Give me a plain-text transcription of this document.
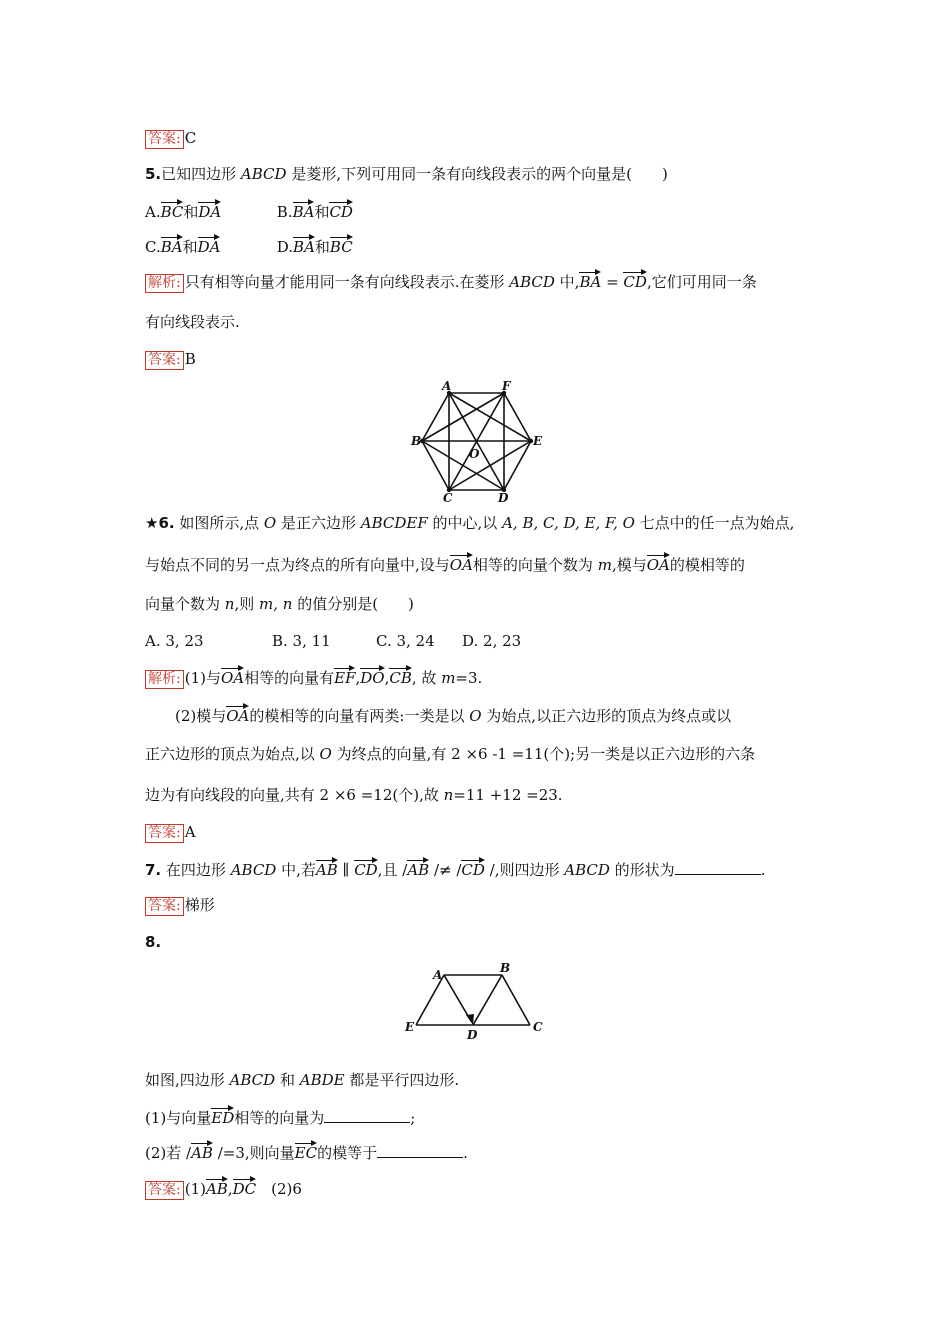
答案: C
5.已知四边形 ABCD 是菱形,下列可用同一条有向线段表示的两个向量是(　　)
A.BC和DA	B.BA和CD
C.BA和DA	D.BA和BC
解析: 只有相等向量才能用同一条有向线段表示.在菱形 ABCD 中,BA = CD,它们可用同一条
有向线段表示.
答案: B
A	F
B	E
O
C	D
★6. 如图所示,点 O 是正六边形 ABCDEF 的中心,以 A, B, C, D, E, F, O 七点中的任一点为始点,
与始点不同的另一点为终点的所有向量中,设与OA相等的向量个数为 m,模与OA的模相等的
向量个数为 n,则 m, n 的值分别是(　　)
A. 3, 23	B. 3, 11	C. 3, 24 D. 2, 23
解析: (1)与OA相等的向量有EF,DO,CB, 故 m=3.
(2)模与OA的模相等的向量有两类:一类是以 O 为始点,以正六边形的顶点为终点或以
正六边形的顶点为始点,以 O 为终点的向量,有 2 ×6 -1 =11(个);另一类是以正六边形的六条
边为有向线段的向量,共有 2 ×6 =12(个),故 n=11 +12 =23.
答案: A
7. 在四边形 ABCD 中,若AB ∥ CD,且 /AB /≠ /CD /,则四边形 ABCD 的形状为	.
答案: 梯形
8.
A	B
E
D
C
如图,四边形 ABCD 和 ABDE 都是平行四边形.
(1)与向量ED相等的向量为	;
(2)若 /AB /=3,则向量EC的模等于	.
答案: (1)AB,DC　(2)6
